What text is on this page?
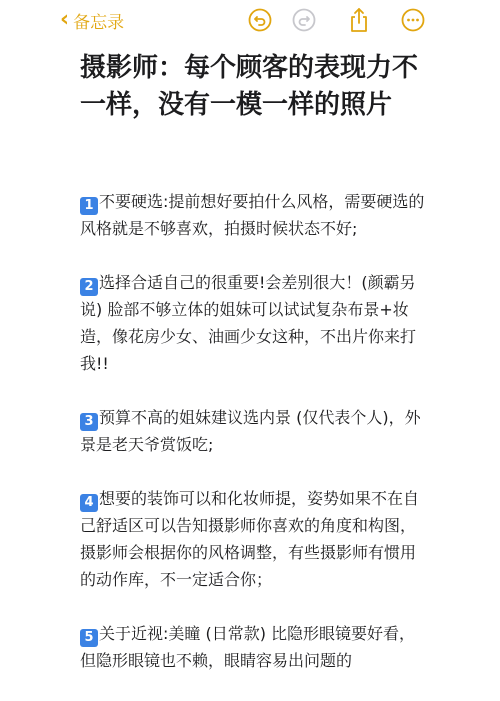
‹ 备忘录
摄影师：每个顾客的表现力不一样，没有一模一样的照片

1 不要硬选:提前想好要拍什么风格，需要硬选的风格就是不够喜欢，拍摄时候状态不好;

2 选择合适自己的很重要!会差别很大！(颜霸另说) 脸部不够立体的姐妹可以试试复杂布景+妆造，像花房少女、油画少女这种，不出片你来打我!!

3 预算不高的姐妹建议选内景 (仅代表个人)，外景是老天爷赏饭吃;

4 想要的装饰可以和化妆师提，姿势如果不在自己舒适区可以告知摄影师你喜欢的角度和构图，摄影师会根据你的风格调整，有些摄影师有惯用的动作库，不一定适合你；

5 关于近视:美瞳 (日常款) 比隐形眼镜要好看，但隐形眼镜也不赖，眼睛容易出问题的
